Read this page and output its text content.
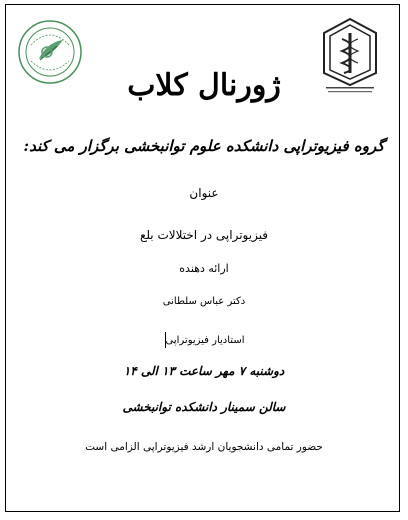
ژورنال کلاب
گروه فیزیوتراپی دانشکده علوم توانبخشی برگزار می کند:
عنوان
فیزیوتراپی در اختلالات بلع
ارائه دهنده
دکتر عباس سلطانی
استادیار فیزیوتراپی
دوشنبه ۷ مهر ساعت ۱۳ الی ۱۴
سالن سمینار دانشکده توانبخشی
حضور تمامی دانشجویان ارشد فیزیوتراپی الزامی است
